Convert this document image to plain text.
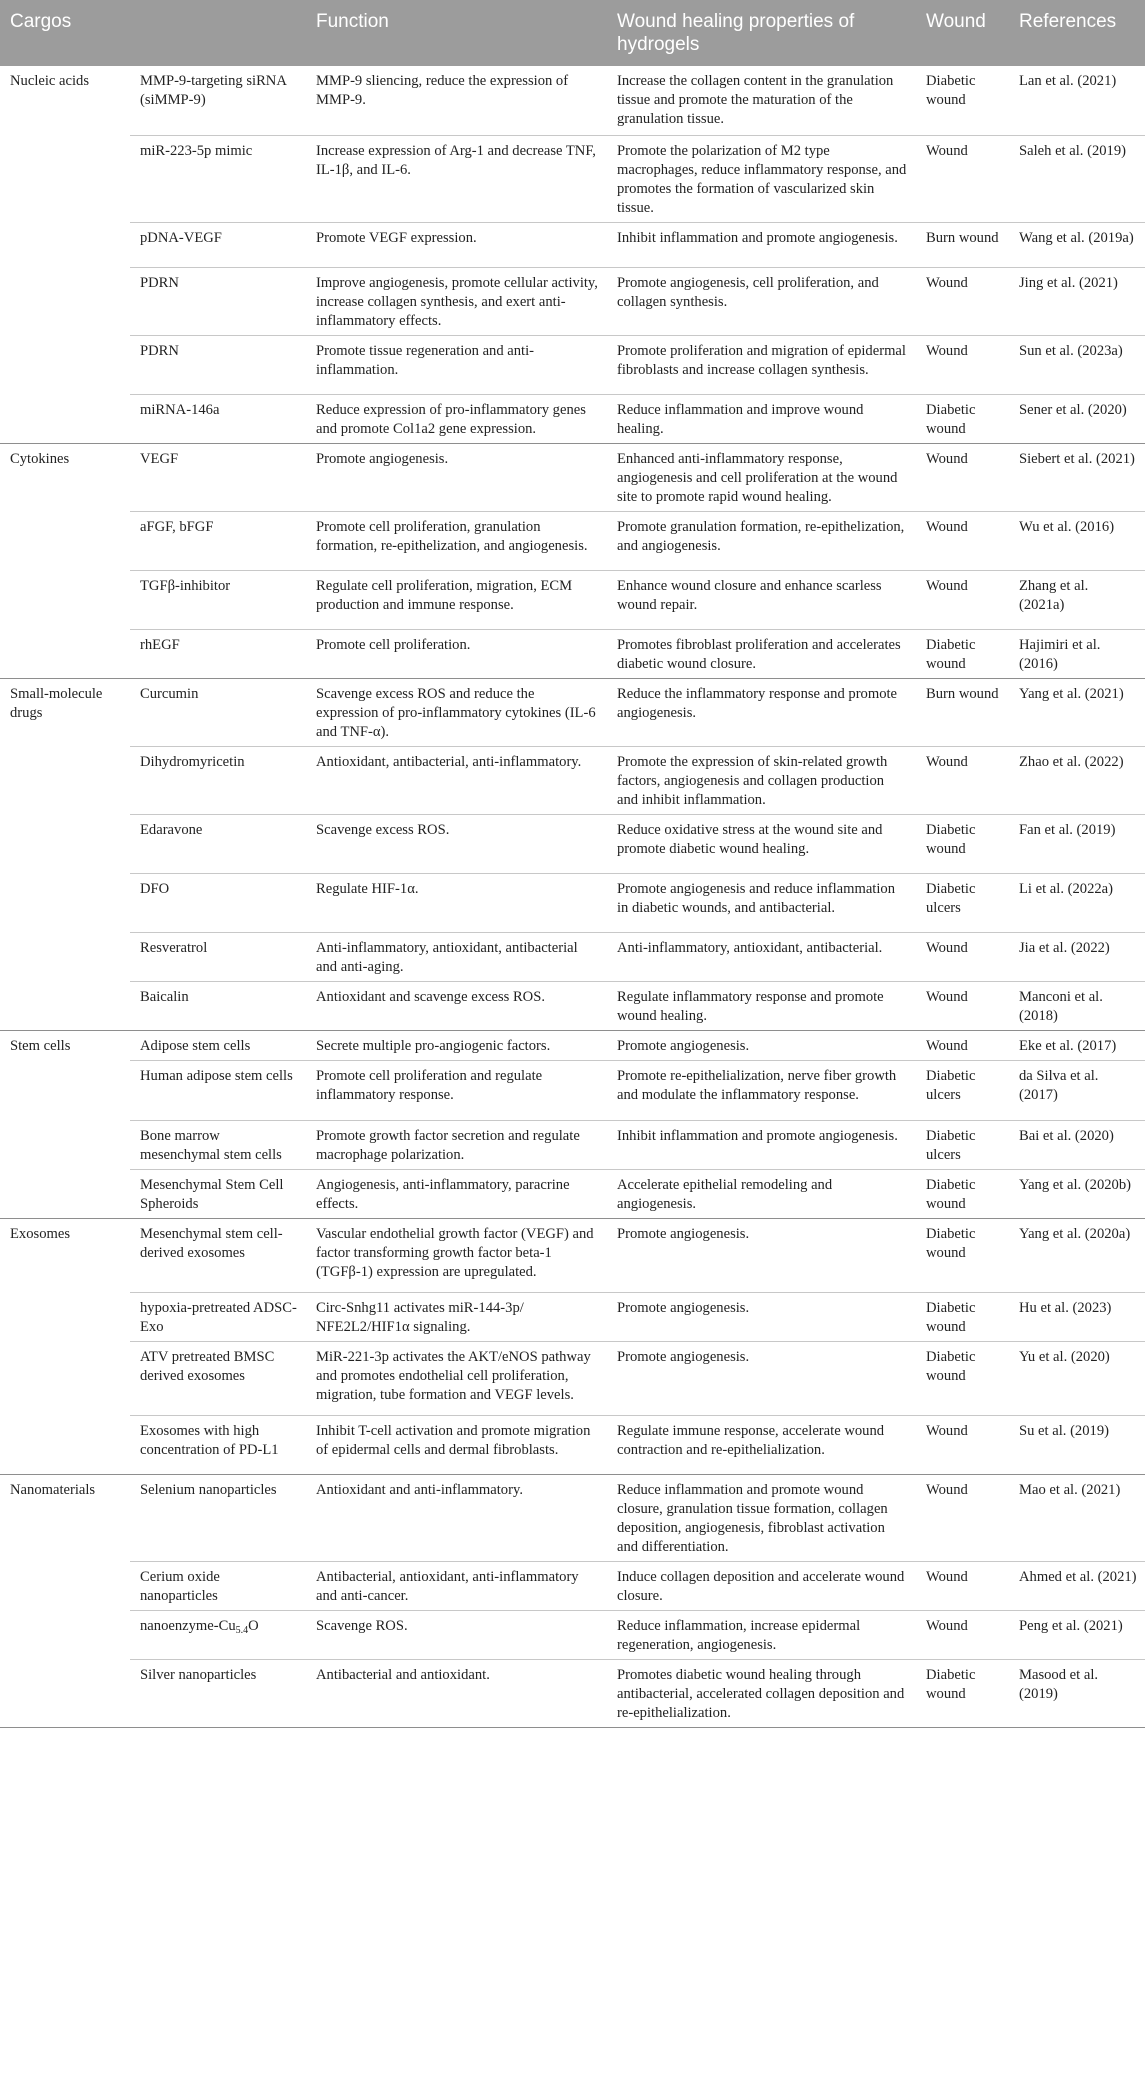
Cargos		Function	Wound healing properties of hydrogels	Wound	References
Nucleic acids	MMP-9-targeting siRNA (siMMP-9)	MMP-9 sliencing, reduce the expression of MMP-9.	Increase the collagen content in the granulation tissue and promote the maturation of the granulation tissue.	Diabetic wound	Lan et al. (2021)
	miR-223-5p mimic	Increase expression of Arg-1 and decrease TNF, IL-1β, and IL-6.	Promote the polarization of M2 type macrophages, reduce inflammatory response, and promotes the formation of vascularized skin tissue.	Wound	Saleh et al. (2019)
	pDNA-VEGF	Promote VEGF expression.	Inhibit inflammation and promote angiogenesis.	Burn wound	Wang et al. (2019a)
	PDRN	Improve angiogenesis, promote cellular activity, increase collagen synthesis, and exert anti-inflammatory effects.	Promote angiogenesis, cell proliferation, and collagen synthesis.	Wound	Jing et al. (2021)
	PDRN	Promote tissue regeneration and anti-inflammation.	Promote proliferation and migration of epidermal fibroblasts and increase collagen synthesis.	Wound	Sun et al. (2023a)
	miRNA-146a	Reduce expression of pro-inflammatory genes and promote Col1a2 gene expression.	Reduce inflammation and improve wound healing.	Diabetic wound	Sener et al. (2020)
Cytokines	VEGF	Promote angiogenesis.	Enhanced anti-inflammatory response, angiogenesis and cell proliferation at the wound site to promote rapid wound healing.	Wound	Siebert et al. (2021)
	aFGF, bFGF	Promote cell proliferation, granulation formation, re-epithelization, and angiogenesis.	Promote granulation formation, re-epithelization, and angiogenesis.	Wound	Wu et al. (2016)
	TGFβ-inhibitor	Regulate cell proliferation, migration, ECM production and immune response.	Enhance wound closure and enhance scarless wound repair.	Wound	Zhang et al. (2021a)
	rhEGF	Promote cell proliferation.	Promotes fibroblast proliferation and accelerates diabetic wound closure.	Diabetic wound	Hajimiri et al. (2016)
Small-molecule drugs	Curcumin	Scavenge excess ROS and reduce the expression of pro-inflammatory cytokines (IL-6 and TNF-α).	Reduce the inflammatory response and promote angiogenesis.	Burn wound	Yang et al. (2021)
	Dihydromyricetin	Antioxidant, antibacterial, anti-inflammatory.	Promote the expression of skin-related growth factors, angiogenesis and collagen production and inhibit inflammation.	Wound	Zhao et al. (2022)
	Edaravone	Scavenge excess ROS.	Reduce oxidative stress at the wound site and promote diabetic wound healing.	Diabetic wound	Fan et al. (2019)
	DFO	Regulate HIF-1α.	Promote angiogenesis and reduce inflammation in diabetic wounds, and antibacterial.	Diabetic ulcers	Li et al. (2022a)
	Resveratrol	Anti-inflammatory, antioxidant, antibacterial and anti-aging.	Anti-inflammatory, antioxidant, antibacterial.	Wound	Jia et al. (2022)
	Baicalin	Antioxidant and scavenge excess ROS.	Regulate inflammatory response and promote wound healing.	Wound	Manconi et al. (2018)
Stem cells	Adipose stem cells	Secrete multiple pro-angiogenic factors.	Promote angiogenesis.	Wound	Eke et al. (2017)
	Human adipose stem cells	Promote cell proliferation and regulate inflammatory response.	Promote re-epithelialization, nerve fiber growth and modulate the inflammatory response.	Diabetic ulcers	da Silva et al. (2017)
	Bone marrow mesenchymal stem cells	Promote growth factor secretion and regulate macrophage polarization.	Inhibit inflammation and promote angiogenesis.	Diabetic ulcers	Bai et al. (2020)
	Mesenchymal Stem Cell Spheroids	Angiogenesis, anti-inflammatory, paracrine effects.	Accelerate epithelial remodeling and angiogenesis.	Diabetic wound	Yang et al. (2020b)
Exosomes	Mesenchymal stem cell-derived exosomes	Vascular endothelial growth factor (VEGF) and factor transforming growth factor beta-1 (TGFβ-1) expression are upregulated.	Promote angiogenesis.	Diabetic wound	Yang et al. (2020a)
	hypoxia-pretreated ADSC-Exo	Circ-Snhg11 activates miR-144-3p/ NFE2L2/HIF1α signaling.	Promote angiogenesis.	Diabetic wound	Hu et al. (2023)
	ATV pretreated BMSC derived exosomes	MiR-221-3p activates the AKT/eNOS pathway and promotes endothelial cell proliferation, migration, tube formation and VEGF levels.	Promote angiogenesis.	Diabetic wound	Yu et al. (2020)
	Exosomes with high concentration of PD-L1	Inhibit T-cell activation and promote migration of epidermal cells and dermal fibroblasts.	Regulate immune response, accelerate wound contraction and re-epithelialization.	Wound	Su et al. (2019)
Nanomaterials	Selenium nanoparticles	Antioxidant and anti-inflammatory.	Reduce inflammation and promote wound closure, granulation tissue formation, collagen deposition, angiogenesis, fibroblast activation and differentiation.	Wound	Mao et al. (2021)
	Cerium oxide nanoparticles	Antibacterial, antioxidant, anti-inflammatory and anti-cancer.	Induce collagen deposition and accelerate wound closure.	Wound	Ahmed et al. (2021)
	nanoenzyme-$Cu_{5.4}O$	Scavenge ROS.	Reduce inflammation, increase epidermal regeneration, angiogenesis.	Wound	Peng et al. (2021)
	Silver nanoparticles	Antibacterial and antioxidant.	Promotes diabetic wound healing through antibacterial, accelerated collagen deposition and re-epithelialization.	Diabetic wound	Masood et al. (2019)
